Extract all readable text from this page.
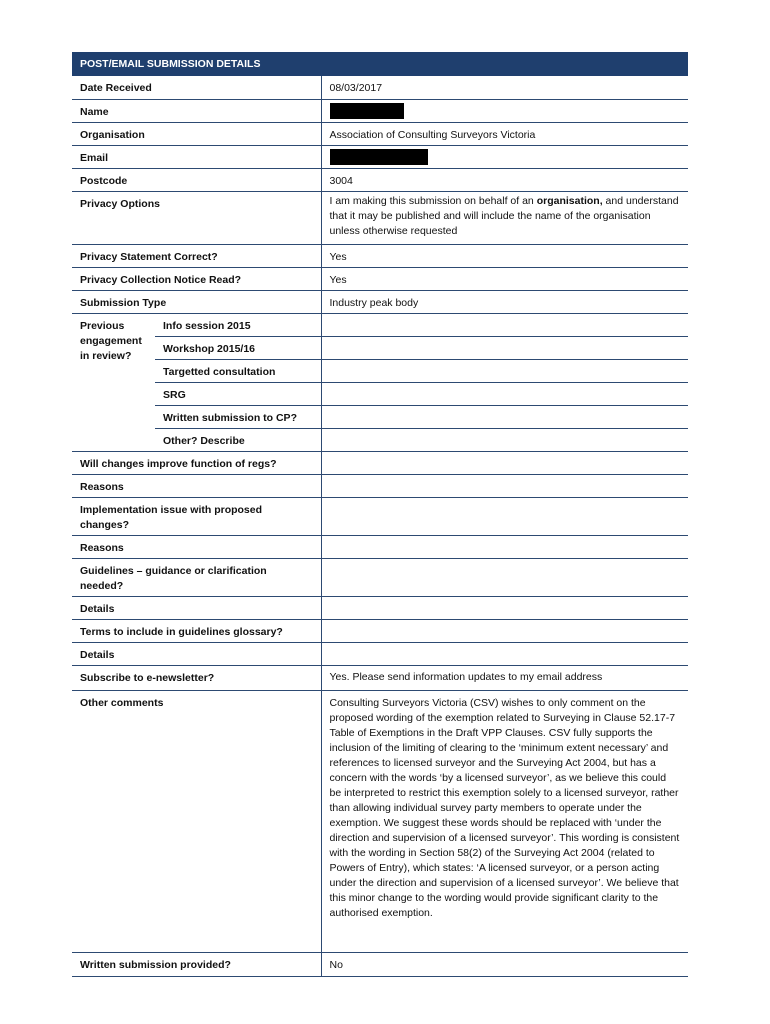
POST/EMAIL SUBMISSION DETAILS		
Date Received		08/03/2017
Name		
Organisation		Association of Consulting Surveyors Victoria
Email		
Postcode		3004
Privacy Options		I am making this submission on behalf of an organisation, and understand that it may be published and will include the name of the organisation unless otherwise requested
Privacy Statement Correct?		Yes
Privacy Collection Notice Read?		Yes
Submission Type		Industry peak body
Previous engagement in review?	Info session 2015	
	Workshop 2015/16	
	Targetted consultation	
	SRG	
	Written submission to CP?	
	Other? Describe	
Will changes improve function of regs?		
Reasons		
Implementation issue with proposed changes?		
Reasons		
Guidelines – guidance or clarification needed?		
Details		
Terms to include in guidelines glossary?		
Details		
Subscribe to e-newsletter?		Yes. Please send information updates to my email address
Other comments		Consulting Surveyors Victoria (CSV) wishes to only comment on the proposed wording of the exemption related to Surveying in Clause 52.17-7 Table of Exemptions in the Draft VPP Clauses. CSV fully supports the inclusion of the limiting of clearing to the ‘minimum extent necessary’ and references to licensed surveyor and the Surveying Act 2004, but has a concern with the words ‘by a licensed surveyor’, as we believe this could be interpreted to restrict this exemption solely to a licensed surveyor, rather than allowing individual survey party members to operate under the exemption. We suggest these words should be replaced with ‘under the direction and supervision of a licensed surveyor’. This wording is consistent with the wording in Section 58(2) of the Surveying Act 2004 (related to Powers of Entry), which states: ‘A licensed surveyor, or a person acting under the direction and supervision of a licensed surveyor’. We believe that this minor change to the wording would provide significant clarity to the authorised exemption.
Written submission provided?		No
